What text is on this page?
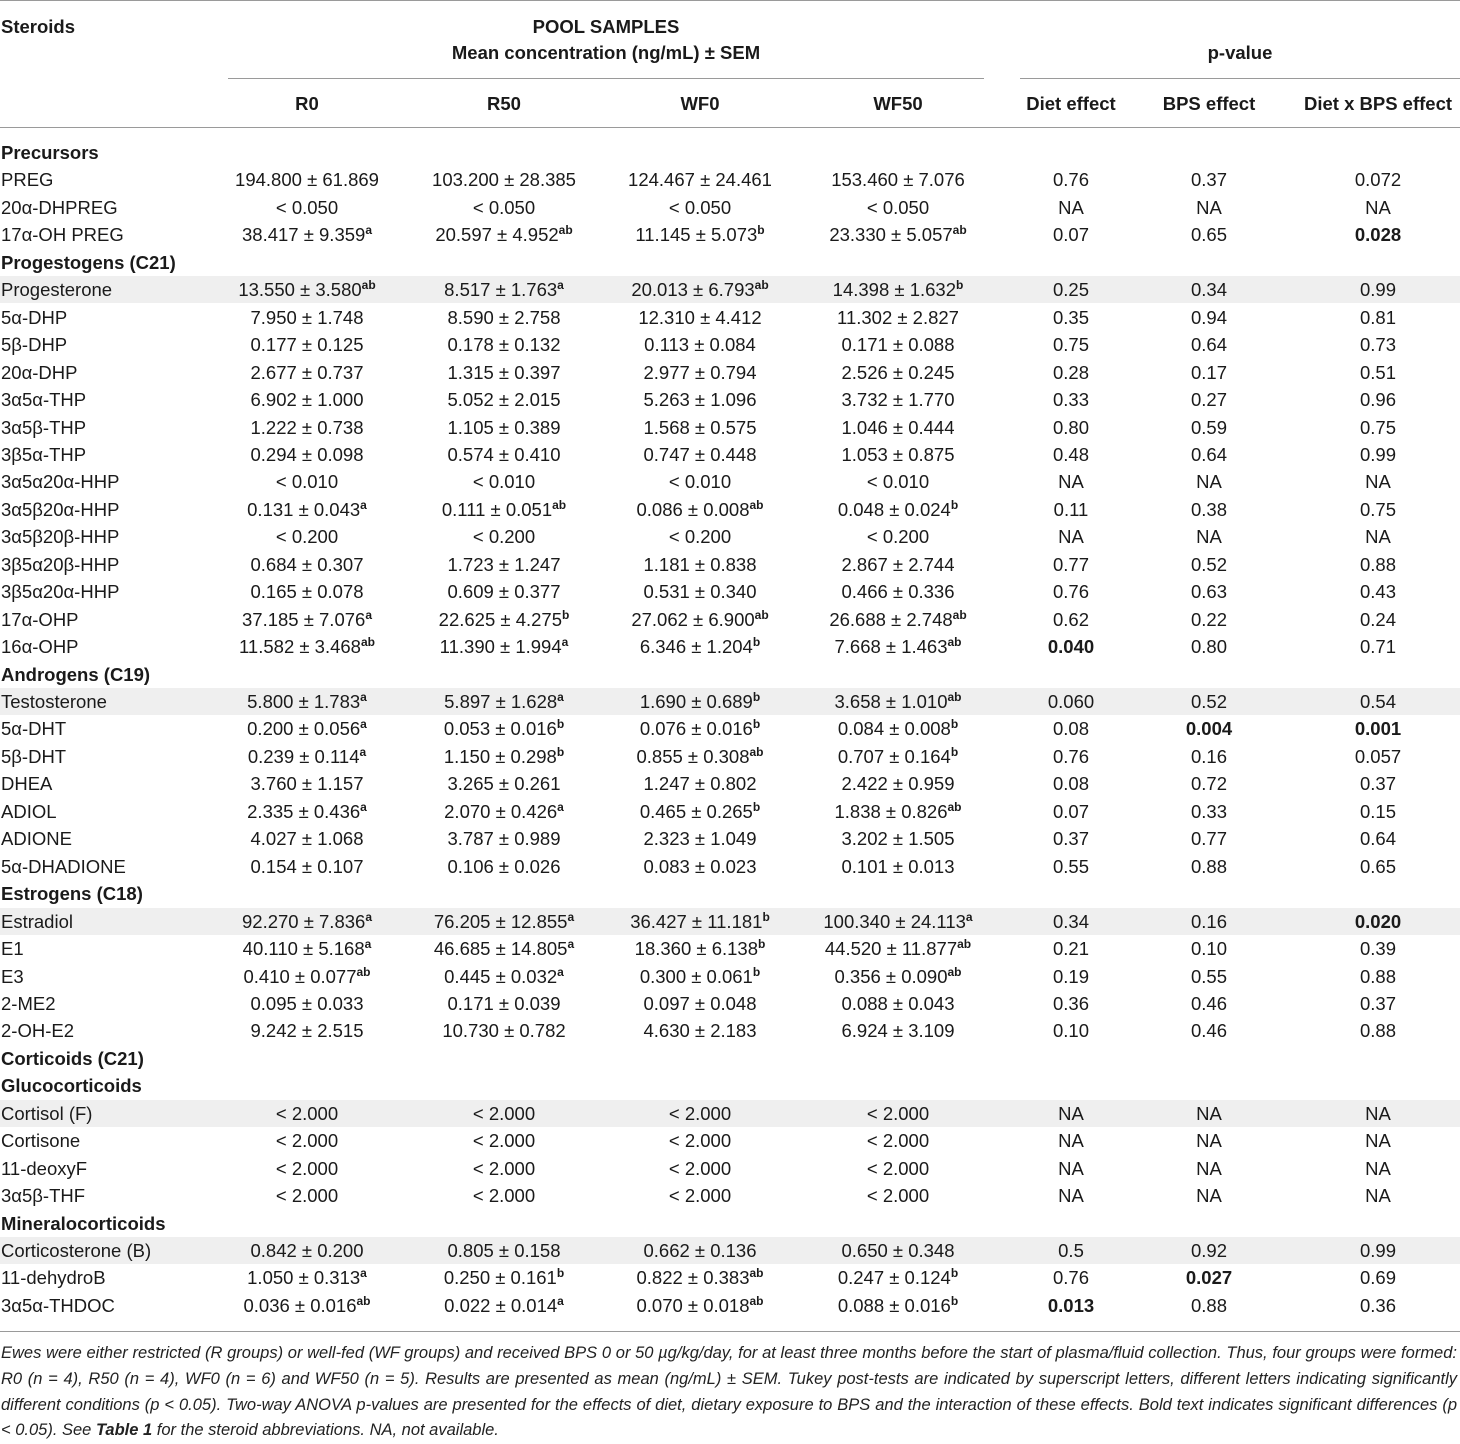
Steroids	POOL SAMPLES
Mean concentration (ng/mL) ± SEM	p-value
R0	R50	WF0	WF50	Diet effect	BPS effect	Diet x BPS effect
Precursors
PREG	194.800 ± 61.869	103.200 ± 28.385	124.467 ± 24.461	153.460 ± 7.076	0.76	0.37	0.072
20α-DHPREG	< 0.050	< 0.050	< 0.050	< 0.050	NA	NA	NA
17α-OH PREG	38.417 ± 9.359$^a$	20.597 ± 4.952$^{ab}$	11.145 ± 5.073$^b$	23.330 ± 5.057$^{ab}$	0.07	0.65	0.028
Progestogens (C21)
Progesterone	13.550 ± 3.580$^{ab}$	8.517 ± 1.763$^a$	20.013 ± 6.793$^{ab}$	14.398 ± 1.632$^b$	0.25	0.34	0.99
5α-DHP	7.950 ± 1.748	8.590 ± 2.758	12.310 ± 4.412	11.302 ± 2.827	0.35	0.94	0.81
5β-DHP	0.177 ± 0.125	0.178 ± 0.132	0.113 ± 0.084	0.171 ± 0.088	0.75	0.64	0.73
20α-DHP	2.677 ± 0.737	1.315 ± 0.397	2.977 ± 0.794	2.526 ± 0.245	0.28	0.17	0.51
3α5α-THP	6.902 ± 1.000	5.052 ± 2.015	5.263 ± 1.096	3.732 ± 1.770	0.33	0.27	0.96
3α5β-THP	1.222 ± 0.738	1.105 ± 0.389	1.568 ± 0.575	1.046 ± 0.444	0.80	0.59	0.75
3β5α-THP	0.294 ± 0.098	0.574 ± 0.410	0.747 ± 0.448	1.053 ± 0.875	0.48	0.64	0.99
3α5α20α-HHP	< 0.010	< 0.010	< 0.010	< 0.010	NA	NA	NA
3α5β20α-HHP	0.131 ± 0.043$^a$	0.111 ± 0.051$^{ab}$	0.086 ± 0.008$^{ab}$	0.048 ± 0.024$^b$	0.11	0.38	0.75
3α5β20β-HHP	< 0.200	< 0.200	< 0.200	< 0.200	NA	NA	NA
3β5α20β-HHP	0.684 ± 0.307	1.723 ± 1.247	1.181 ± 0.838	2.867 ± 2.744	0.77	0.52	0.88
3β5α20α-HHP	0.165 ± 0.078	0.609 ± 0.377	0.531 ± 0.340	0.466 ± 0.336	0.76	0.63	0.43
17α-OHP	37.185 ± 7.076$^a$	22.625 ± 4.275$^b$	27.062 ± 6.900$^{ab}$	26.688 ± 2.748$^{ab}$	0.62	0.22	0.24
16α-OHP	11.582 ± 3.468$^{ab}$	11.390 ± 1.994$^a$	6.346 ± 1.204$^b$	7.668 ± 1.463$^{ab}$	0.040	0.80	0.71
Androgens (C19)
Testosterone	5.800 ± 1.783$^a$	5.897 ± 1.628$^a$	1.690 ± 0.689$^b$	3.658 ± 1.010$^{ab}$	0.060	0.52	0.54
5α-DHT	0.200 ± 0.056$^a$	0.053 ± 0.016$^b$	0.076 ± 0.016$^b$	0.084 ± 0.008$^b$	0.08	0.004	0.001
5β-DHT	0.239 ± 0.114$^a$	1.150 ± 0.298$^b$	0.855 ± 0.308$^{ab}$	0.707 ± 0.164$^b$	0.76	0.16	0.057
DHEA	3.760 ± 1.157	3.265 ± 0.261	1.247 ± 0.802	2.422 ± 0.959	0.08	0.72	0.37
ADIOL	2.335 ± 0.436$^a$	2.070 ± 0.426$^a$	0.465 ± 0.265$^b$	1.838 ± 0.826$^{ab}$	0.07	0.33	0.15
ADIONE	4.027 ± 1.068	3.787 ± 0.989	2.323 ± 1.049	3.202 ± 1.505	0.37	0.77	0.64
5α-DHADIONE	0.154 ± 0.107	0.106 ± 0.026	0.083 ± 0.023	0.101 ± 0.013	0.55	0.88	0.65
Estrogens (C18)
Estradiol	92.270 ± 7.836$^a$	76.205 ± 12.855$^a$	36.427 ± 11.181$^b$	100.340 ± 24.113$^a$	0.34	0.16	0.020
E1	40.110 ± 5.168$^a$	46.685 ± 14.805$^a$	18.360 ± 6.138$^b$	44.520 ± 11.877$^{ab}$	0.21	0.10	0.39
E3	0.410 ± 0.077$^{ab}$	0.445 ± 0.032$^a$	0.300 ± 0.061$^b$	0.356 ± 0.090$^{ab}$	0.19	0.55	0.88
2-ME2	0.095 ± 0.033	0.171 ± 0.039	0.097 ± 0.048	0.088 ± 0.043	0.36	0.46	0.37
2-OH-E2	9.242 ± 2.515	10.730 ± 0.782	4.630 ± 2.183	6.924 ± 3.109	0.10	0.46	0.88
Corticoids (C21)
Glucocorticoids
Cortisol (F)	< 2.000	< 2.000	< 2.000	< 2.000	NA	NA	NA
Cortisone	< 2.000	< 2.000	< 2.000	< 2.000	NA	NA	NA
11-deoxyF	< 2.000	< 2.000	< 2.000	< 2.000	NA	NA	NA
3α5β-THF	< 2.000	< 2.000	< 2.000	< 2.000	NA	NA	NA
Mineralocorticoids
Corticosterone (B)	0.842 ± 0.200	0.805 ± 0.158	0.662 ± 0.136	0.650 ± 0.348	0.5	0.92	0.99
11-dehydroB	1.050 ± 0.313$^a$	0.250 ± 0.161$^b$	0.822 ± 0.383$^{ab}$	0.247 ± 0.124$^b$	0.76	0.027	0.69
3α5α-THDOC	0.036 ± 0.016$^{ab}$	0.022 ± 0.014$^a$	0.070 ± 0.018$^{ab}$	0.088 ± 0.016$^b$	0.013	0.88	0.36
Ewes were either restricted (R groups) or well-fed (WF groups) and received BPS 0 or 50 µg/kg/day, for at least three months before the start of plasma/fluid collection. Thus, four groups were formed: R0 (n = 4), R50 (n = 4), WF0 (n = 6) and WF50 (n = 5). Results are presented as mean (ng/mL) ± SEM. Tukey post-tests are indicated by superscript letters, different letters indicating significantly different conditions (p < 0.05). Two-way ANOVA p-values are presented for the effects of diet, dietary exposure to BPS and the interaction of these effects. Bold text indicates significant differences (p < 0.05). See Table 1 for the steroid abbreviations. NA, not available.
